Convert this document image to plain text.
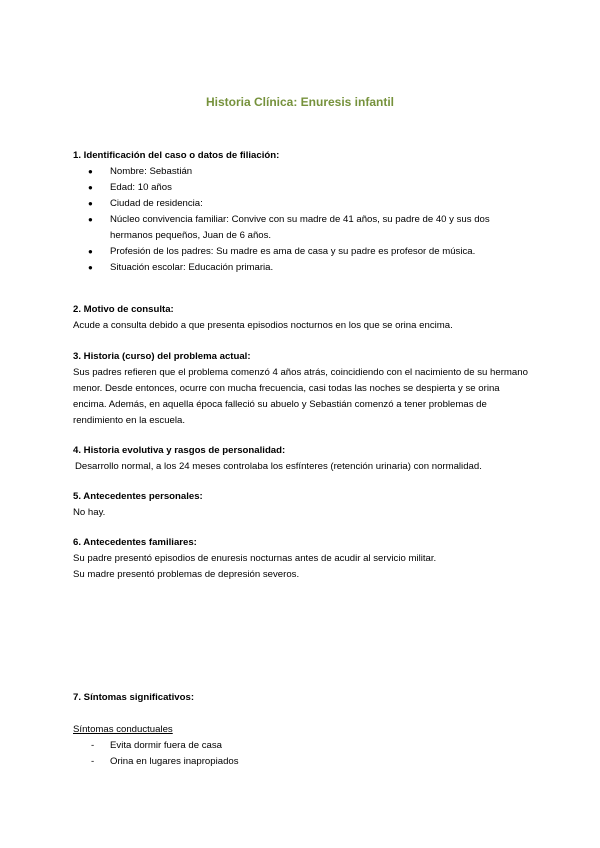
Historia Clínica: Enuresis infantil
1. Identificación del caso o datos de filiación:
● Nombre: Sebastián
● Edad: 10 años
● Ciudad de residencia:
● Núcleo convivencia familiar: Convive con su madre de 41 años, su padre de 40 y sus dos hermanos pequeños, Juan de 6 años.
● Profesión de los padres: Su madre es ama de casa y su padre es profesor de música.
● Situación escolar: Educación primaria.
2. Motivo de consulta:

Acude a consulta debido a que presenta episodios nocturnos en los que se orina encima.

3. Historia (curso) del problema actual:

Sus padres refieren que el problema comenzó 4 años atrás, coincidiendo con el nacimiento de su hermano menor. Desde entonces, ocurre con mucha frecuencia, casi todas las noches se despierta y se orina encima. Además, en aquella época falleció su abuelo y Sebastián comenzó a tener problemas de rendimiento en la escuela.

4. Historia evolutiva y rasgos de personalidad:

Desarrollo normal, a los 24 meses controlaba los esfínteres (retención urinaria) con normalidad.

5. Antecedentes personales:

No hay.

6. Antecedentes familiares:

Su padre presentó episodios de enuresis nocturnas antes de acudir al servicio militar.

Su madre presentó problemas de depresión severos.

7. Síntomas significativos:
Síntomas conductuales
- Evita dormir fuera de casa
- Orina en lugares inapropiados
